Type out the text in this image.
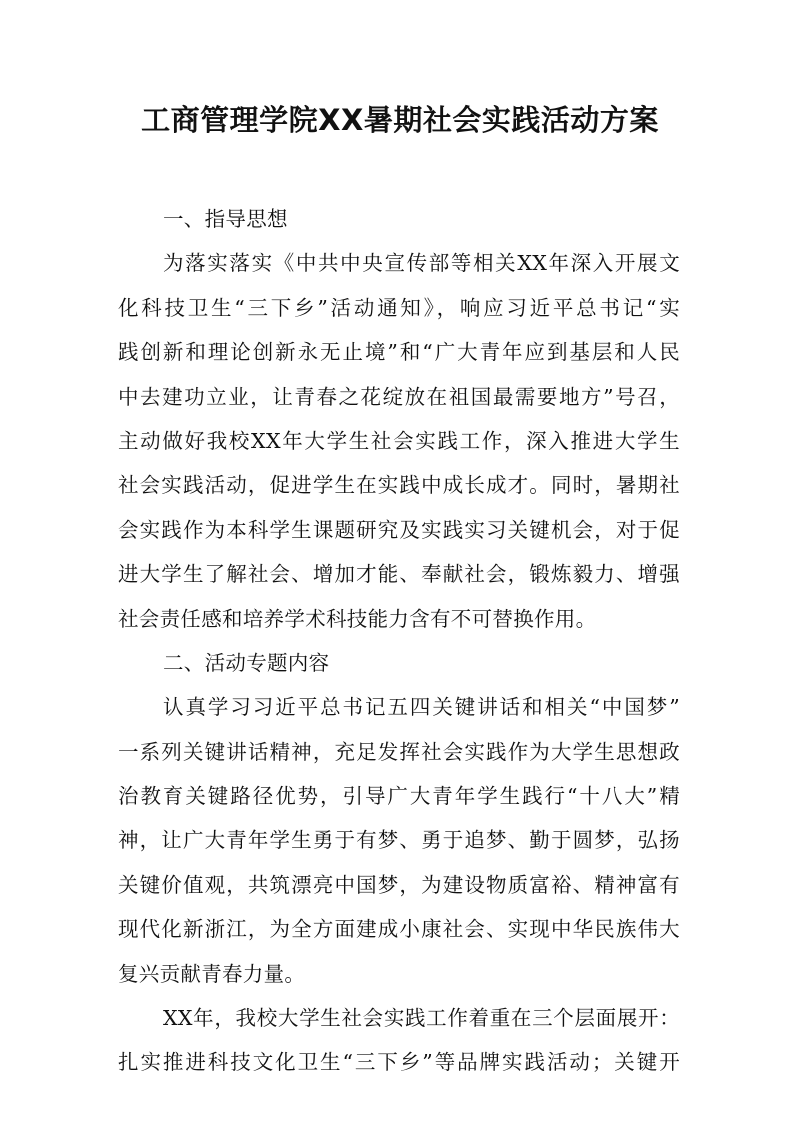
工商管理学院XX暑期社会实践活动方案
一、指导思想
为落实落实《中共中央宣传部等相关XX年深入开展文
化科技卫生“三下乡”活动通知》，响应习近平总书记“实
践创新和理论创新永无止境”和“广大青年应到基层和人民
中去建功立业，让青春之花绽放在祖国最需要地方”号召，
主动做好我校XX年大学生社会实践工作，深入推进大学生
社会实践活动，促进学生在实践中成长成才。同时，暑期社
会实践作为本科学生课题研究及实践实习关键机会，对于促
进大学生了解社会、增加才能、奉献社会，锻炼毅力、增强
社会责任感和培养学术科技能力含有不可替换作用。
二、活动专题内容
认真学习习近平总书记五四关键讲话和相关“中国梦”
一系列关键讲话精神，充足发挥社会实践作为大学生思想政
治教育关键路径优势，引导广大青年学生践行“十八大”精
神，让广大青年学生勇于有梦、勇于追梦、勤于圆梦，弘扬
关键价值观，共筑漂亮中国梦，为建设物质富裕、精神富有
现代化新浙江，为全方面建成小康社会、实现中华民族伟大
复兴贡献青春力量。
XX年，我校大学生社会实践工作着重在三个层面展开：
扎实推进科技文化卫生“三下乡”等品牌实践活动；关键开
